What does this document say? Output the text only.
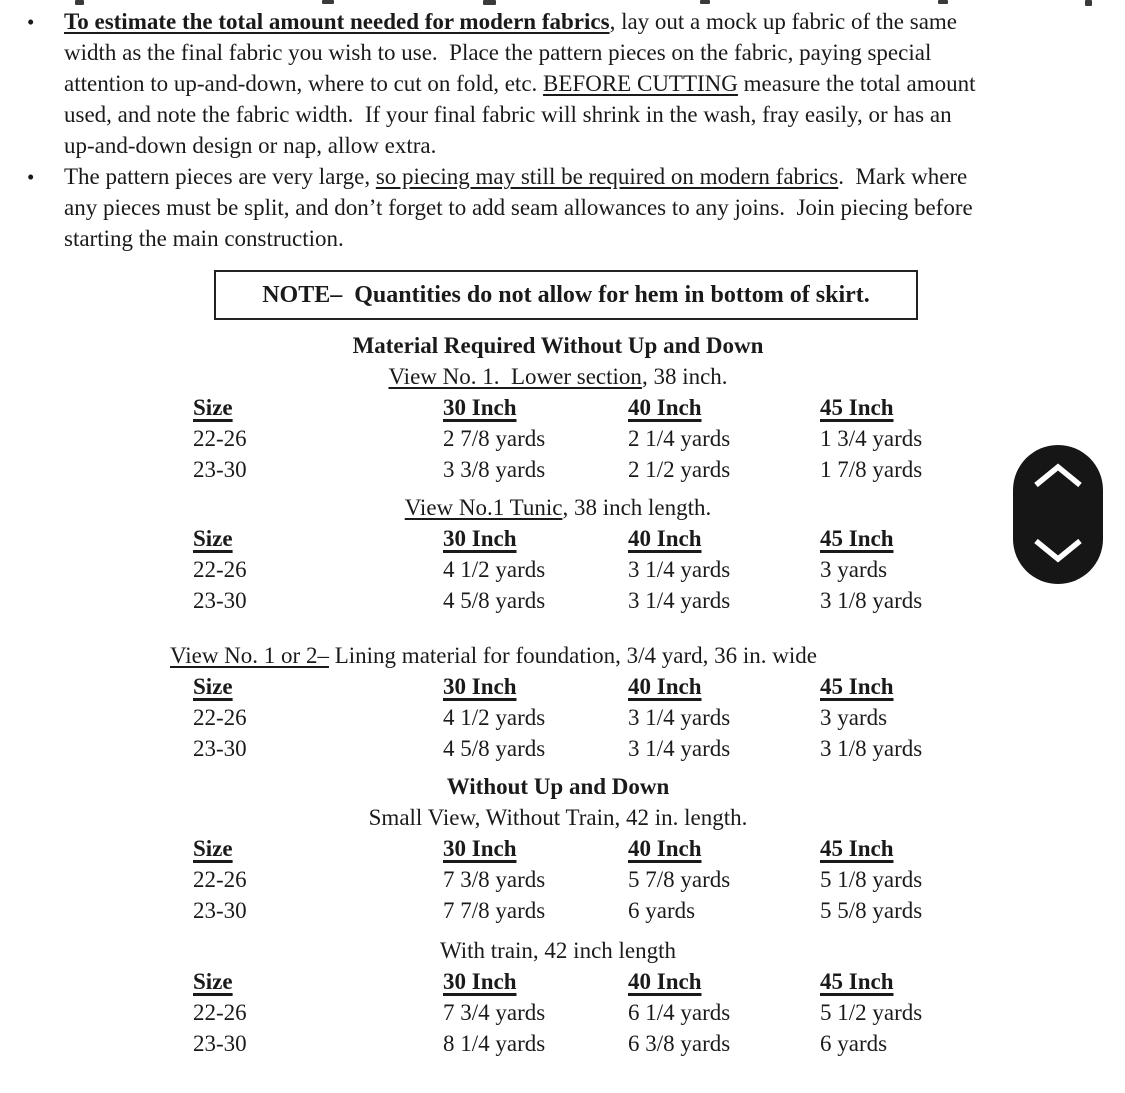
•	To estimate the total amount needed for modern fabrics, lay out a mock up fabric of the same
width as the final fabric you wish to use.  Place the pattern pieces on the fabric, paying special
attention to up-and-down, where to cut on fold, etc. BEFORE CUTTING measure the total amount
used, and note the fabric width.  If your final fabric will shrink in the wash, fray easily, or has an
up-and-down design or nap, allow extra.
•	The pattern pieces are very large, so piecing may still be required on modern fabrics.  Mark where
any pieces must be split, and don’t forget to add seam allowances to any joins.  Join piecing before
starting the main construction.
NOTE–  Quantities do not allow for hem in bottom of skirt.
Material Required Without Up and Down
View No. 1.  Lower section, 38 inch.
Size	30 Inch	40 Inch	45 Inch
22-26	2 7/8 yards	2 1/4 yards	1 3/4 yards
23-30	3 3/8 yards	2 1/2 yards	1 7/8 yards
View No.1 Tunic, 38 inch length.
Size	30 Inch	40 Inch	45 Inch
22-26	4 1/2 yards	3 1/4 yards	3 yards
23-30	4 5/8 yards	3 1/4 yards	3 1/8 yards
View No. 1 or 2– Lining material for foundation, 3/4 yard, 36 in. wide
Size	30 Inch	40 Inch	45 Inch
22-26	4 1/2 yards	3 1/4 yards	3 yards
23-30	4 5/8 yards	3 1/4 yards	3 1/8 yards
Without Up and Down
Small View, Without Train, 42 in. length.
Size	30 Inch	40 Inch	45 Inch
22-26	7 3/8 yards	5 7/8 yards	5 1/8 yards
23-30	7 7/8 yards	6 yards	5 5/8 yards
With train, 42 inch length
Size	30 Inch	40 Inch	45 Inch
22-26	7 3/4 yards	6 1/4 yards	5 1/2 yards
23-30	8 1/4 yards	6 3/8 yards	6 yards
